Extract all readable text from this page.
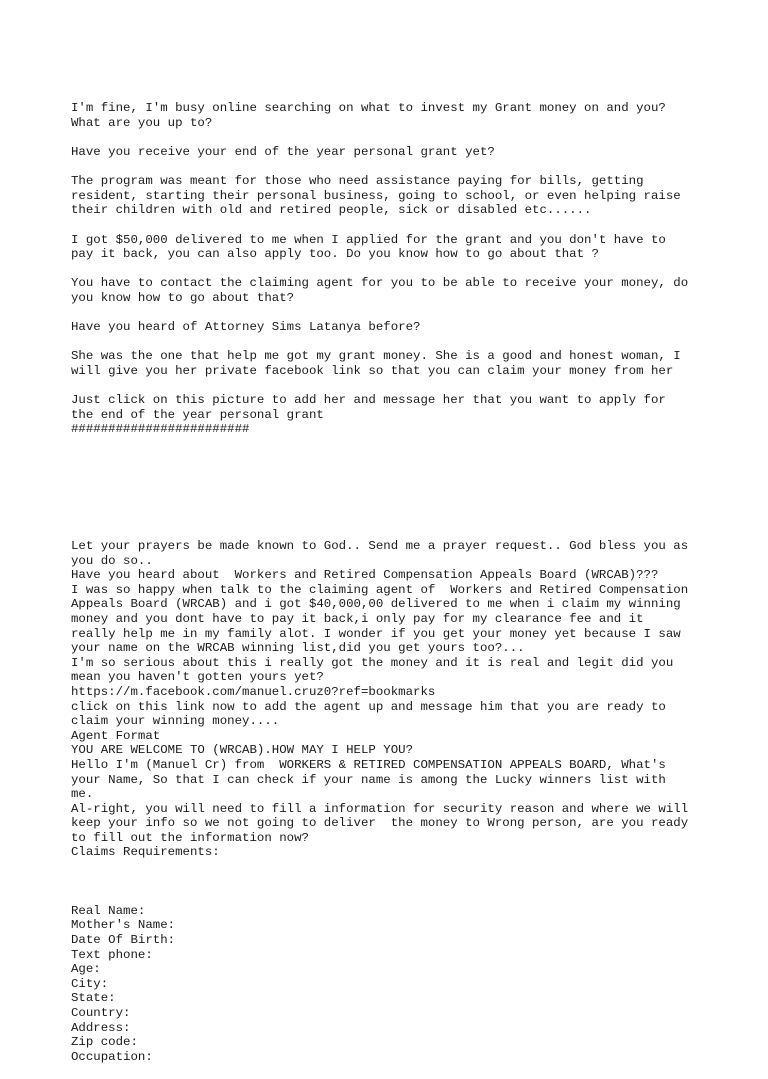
I'm fine, I'm busy online searching on what to invest my Grant money on and you?
What are you up to?
Have you receive your end of the year personal grant yet?
The program was meant for those who need assistance paying for bills, getting
resident, starting their personal business, going to school, or even helping raise
their children with old and retired people, sick or disabled etc......
I got $50,000 delivered to me when I applied for the grant and you don't have to
pay it back, you can also apply too. Do you know how to go about that ?
You have to contact the claiming agent for you to be able to receive your money, do
you know how to go about that?
Have you heard of Attorney Sims Latanya before?
She was the one that help me got my grant money. She is a good and honest woman, I
will give you her private facebook link so that you can claim your money from her
Just click on this picture to add her and message her that you want to apply for
the end of the year personal grant
########################

Let your prayers be made known to God.. Send me a prayer request.. God bless you as
you do so..
Have you heard about  Workers and Retired Compensation Appeals Board (WRCAB)???
I was so happy when talk to the claiming agent of  Workers and Retired Compensation
Appeals Board (WRCAB) and i got $40,000,00 delivered to me when i claim my winning
money and you dont have to pay it back,i only pay for my clearance fee and it
really help me in my family alot. I wonder if you get your money yet because I saw
your name on the WRCAB winning list,did you get yours too?...
I'm so serious about this i really got the money and it is real and legit did you
mean you haven't gotten yours yet?
https://m.facebook.com/manuel.cruz0?ref=bookmarks
click on this link now to add the agent up and message him that you are ready to
claim your winning money....
Agent Format
YOU ARE WELCOME TO (WRCAB).HOW MAY I HELP YOU?
Hello I'm (Manuel Cr) from  WORKERS & RETIRED COMPENSATION APPEALS BOARD, What's
your Name, So that I can check if your name is among the Lucky winners list with
me.
Al-right, you will need to fill a information for security reason and where we will
keep your info so we not going to deliver  the money to Wrong person, are you ready
to fill out the information now?
Claims Requirements:

Real Name:
Mother's Name:
Date Of Birth:
Text phone:
Age:
City:
State:
Country:
Address:
Zip code:
Occupation:
